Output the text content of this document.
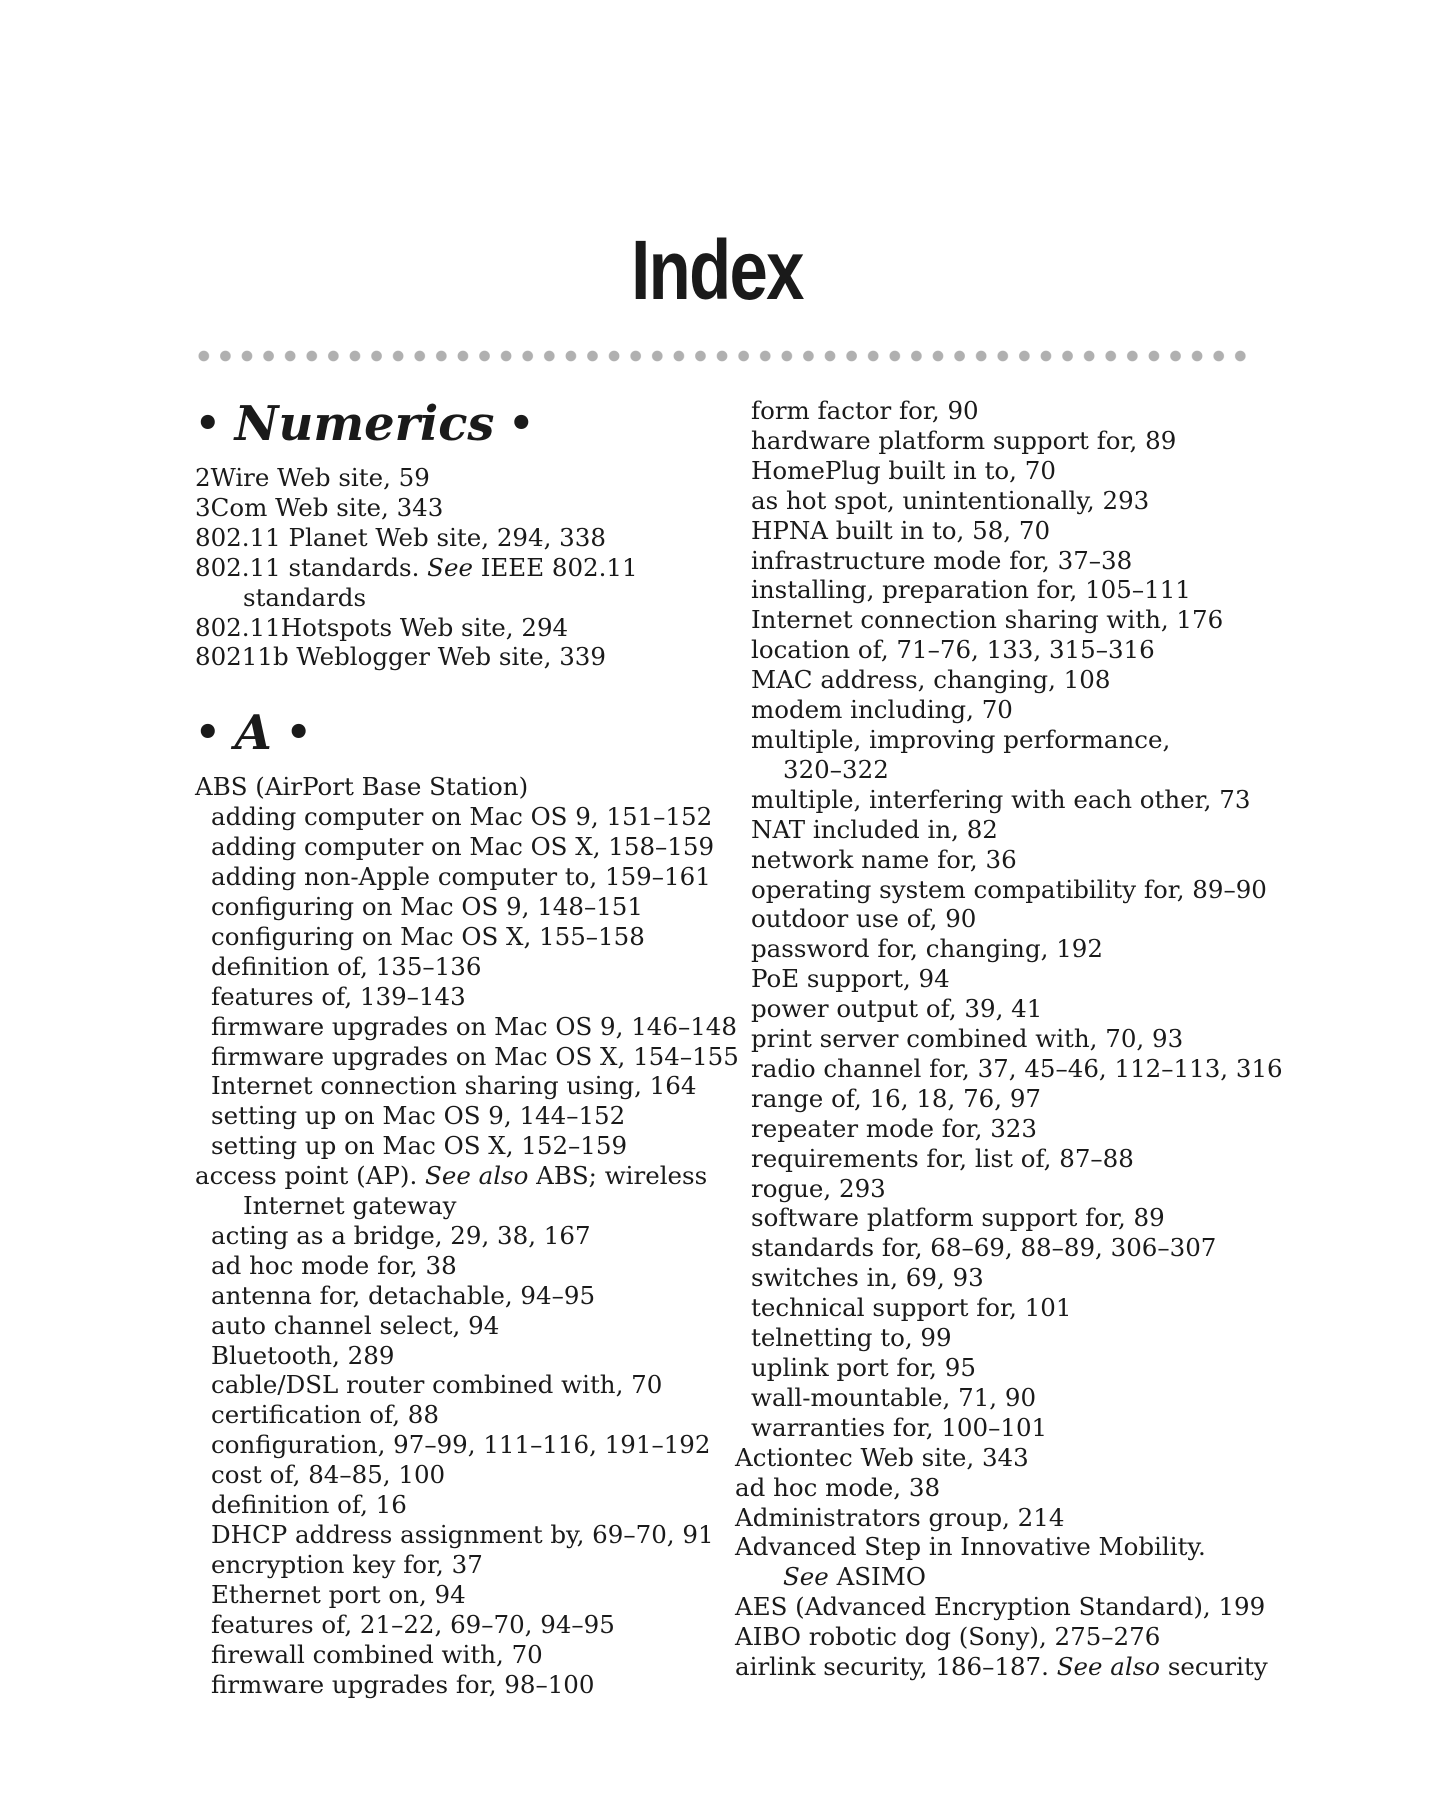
Index
• Numerics •
2Wire Web site, 59
3Com Web site, 343
802.11 Planet Web site, 294, 338
802.11 standards. See IEEE 802.11
standards
802.11Hotspots Web site, 294
80211b Weblogger Web site, 339
• A •
ABS (AirPort Base Station)
adding computer on Mac OS 9, 151–152
adding computer on Mac OS X, 158–159
adding non-Apple computer to, 159–161
configuring on Mac OS 9, 148–151
configuring on Mac OS X, 155–158
definition of, 135–136
features of, 139–143
firmware upgrades on Mac OS 9, 146–148
firmware upgrades on Mac OS X, 154–155
Internet connection sharing using, 164
setting up on Mac OS 9, 144–152
setting up on Mac OS X, 152–159
access point (AP). See also ABS; wireless
Internet gateway
acting as a bridge, 29, 38, 167
ad hoc mode for, 38
antenna for, detachable, 94–95
auto channel select, 94
Bluetooth, 289
cable/DSL router combined with, 70
certification of, 88
configuration, 97–99, 111–116, 191–192
cost of, 84–85, 100
definition of, 16
DHCP address assignment by, 69–70, 91
encryption key for, 37
Ethernet port on, 94
features of, 21–22, 69–70, 94–95
firewall combined with, 70
firmware upgrades for, 98–100
form factor for, 90
hardware platform support for, 89
HomePlug built in to, 70
as hot spot, unintentionally, 293
HPNA built in to, 58, 70
infrastructure mode for, 37–38
installing, preparation for, 105–111
Internet connection sharing with, 176
location of, 71–76, 133, 315–316
MAC address, changing, 108
modem including, 70
multiple, improving performance,
320–322
multiple, interfering with each other, 73
NAT included in, 82
network name for, 36
operating system compatibility for, 89–90
outdoor use of, 90
password for, changing, 192
PoE support, 94
power output of, 39, 41
print server combined with, 70, 93
radio channel for, 37, 45–46, 112–113, 316
range of, 16, 18, 76, 97
repeater mode for, 323
requirements for, list of, 87–88
rogue, 293
software platform support for, 89
standards for, 68–69, 88–89, 306–307
switches in, 69, 93
technical support for, 101
telnetting to, 99
uplink port for, 95
wall-mountable, 71, 90
warranties for, 100–101
Actiontec Web site, 343
ad hoc mode, 38
Administrators group, 214
Advanced Step in Innovative Mobility.
See ASIMO
AES (Advanced Encryption Standard), 199
AIBO robotic dog (Sony), 275–276
airlink security, 186–187. See also security
